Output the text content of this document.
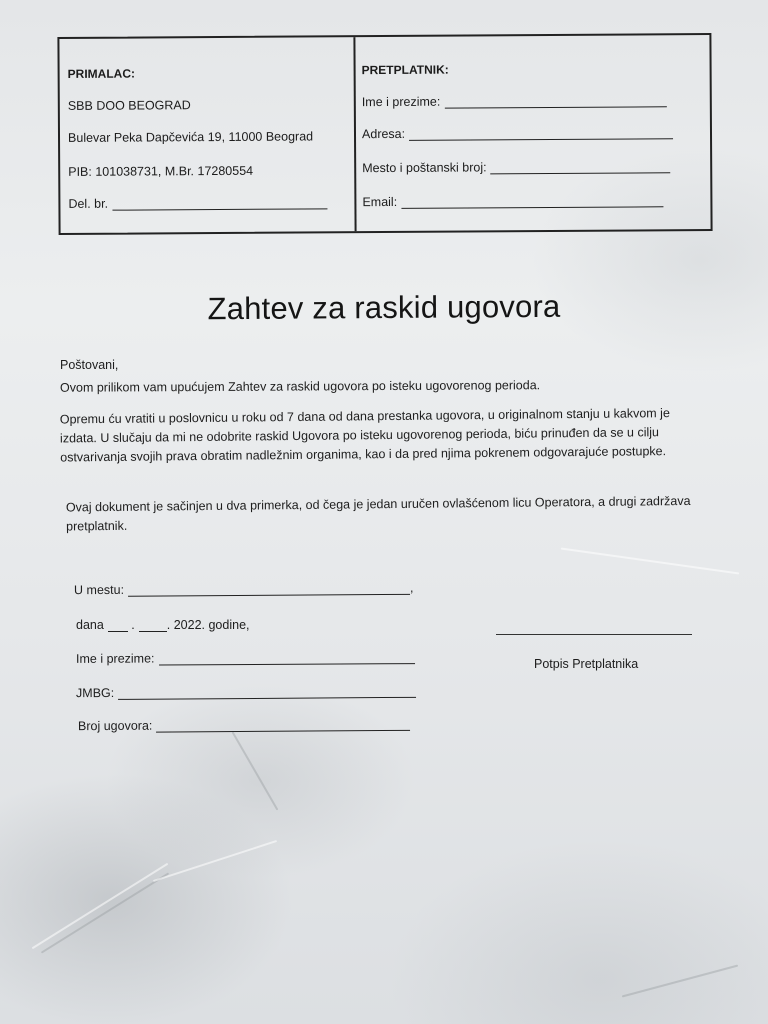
PRIMALAC:
SBB DOO BEOGRAD
Bulevar Peka Dapčevića 19, 11000 Beograd
PIB: 101038731, M.Br. 17280554
Del. br.
PRETPLATNIK:
Ime i prezime:
Adresa:
Mesto i poštanski broj:
Email:
Zahtev za raskid ugovora
Poštovani,
Ovom prilikom vam upućujem Zahtev za raskid ugovora po isteku ugovorenog perioda.

Opremu ću vratiti u poslovnicu u roku od 7 dana od dana prestanka ugovora, u originalnom stanju u kakvom je

izdata. U slučaju da mi ne odobrite raskid Ugovora po isteku ugovorenog perioda, biću prinuđen da se u cilju

ostvarivanja svojih prava obratim nadležnim organima, kao i da pred njima pokrenem odgovarajuće postupke.

Ovaj dokument je sačinjen u dva primerka, od čega je jedan uručen ovlašćenom licu Operatora, a drugi zadržava

pretplatnik.

U mestu:	,
dana .	. 2022. godine,
Ime i prezime:
JMBG:
Broj ugovora:
Potpis Pretplatnika
